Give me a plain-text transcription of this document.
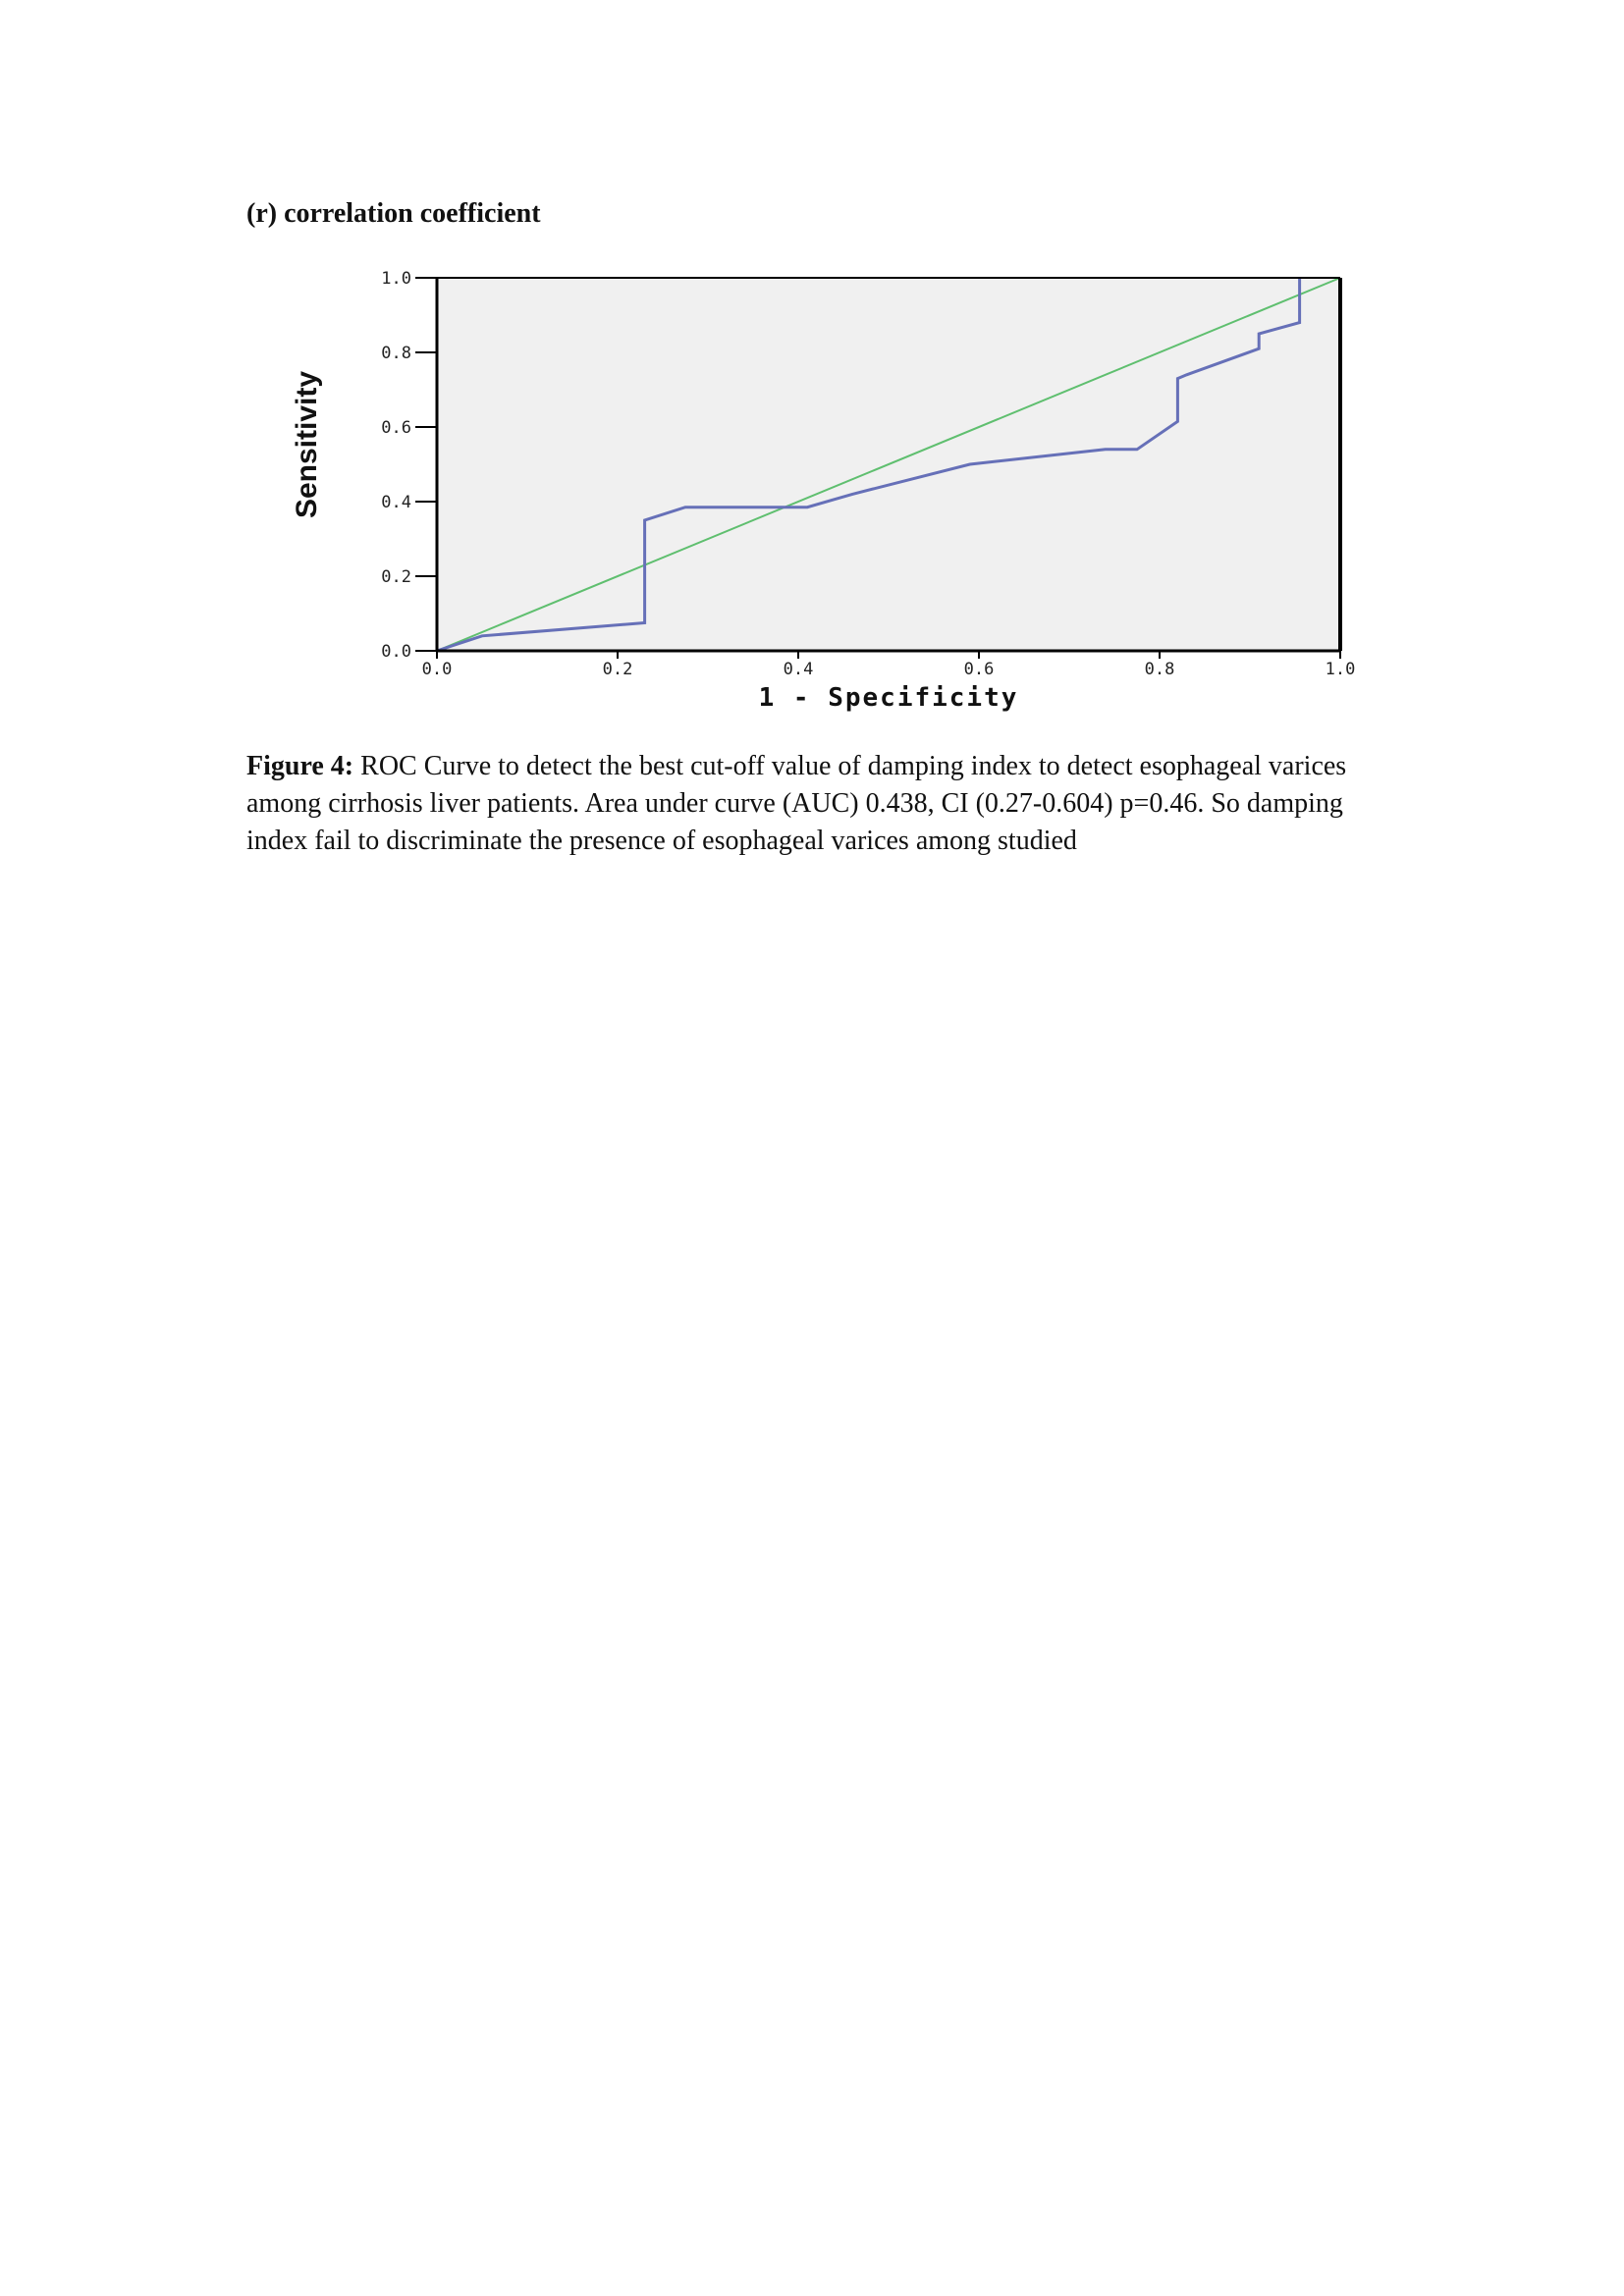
(r) correlation coefficient

0.0
0.2
0.4
0.6
0.8
1.0
0.0	0.2	0.4	0.6	0.8	1.0
1 - Specificity
Sensitivity

Figure 4: ROC Curve to detect the best cut-off value of damping index to detect esophageal varices among cirrhosis liver patients. Area under curve (AUC) 0.438, CI (0.27-0.604) p=0.46. So damping index fail to discriminate the presence of esophageal varices among studied
